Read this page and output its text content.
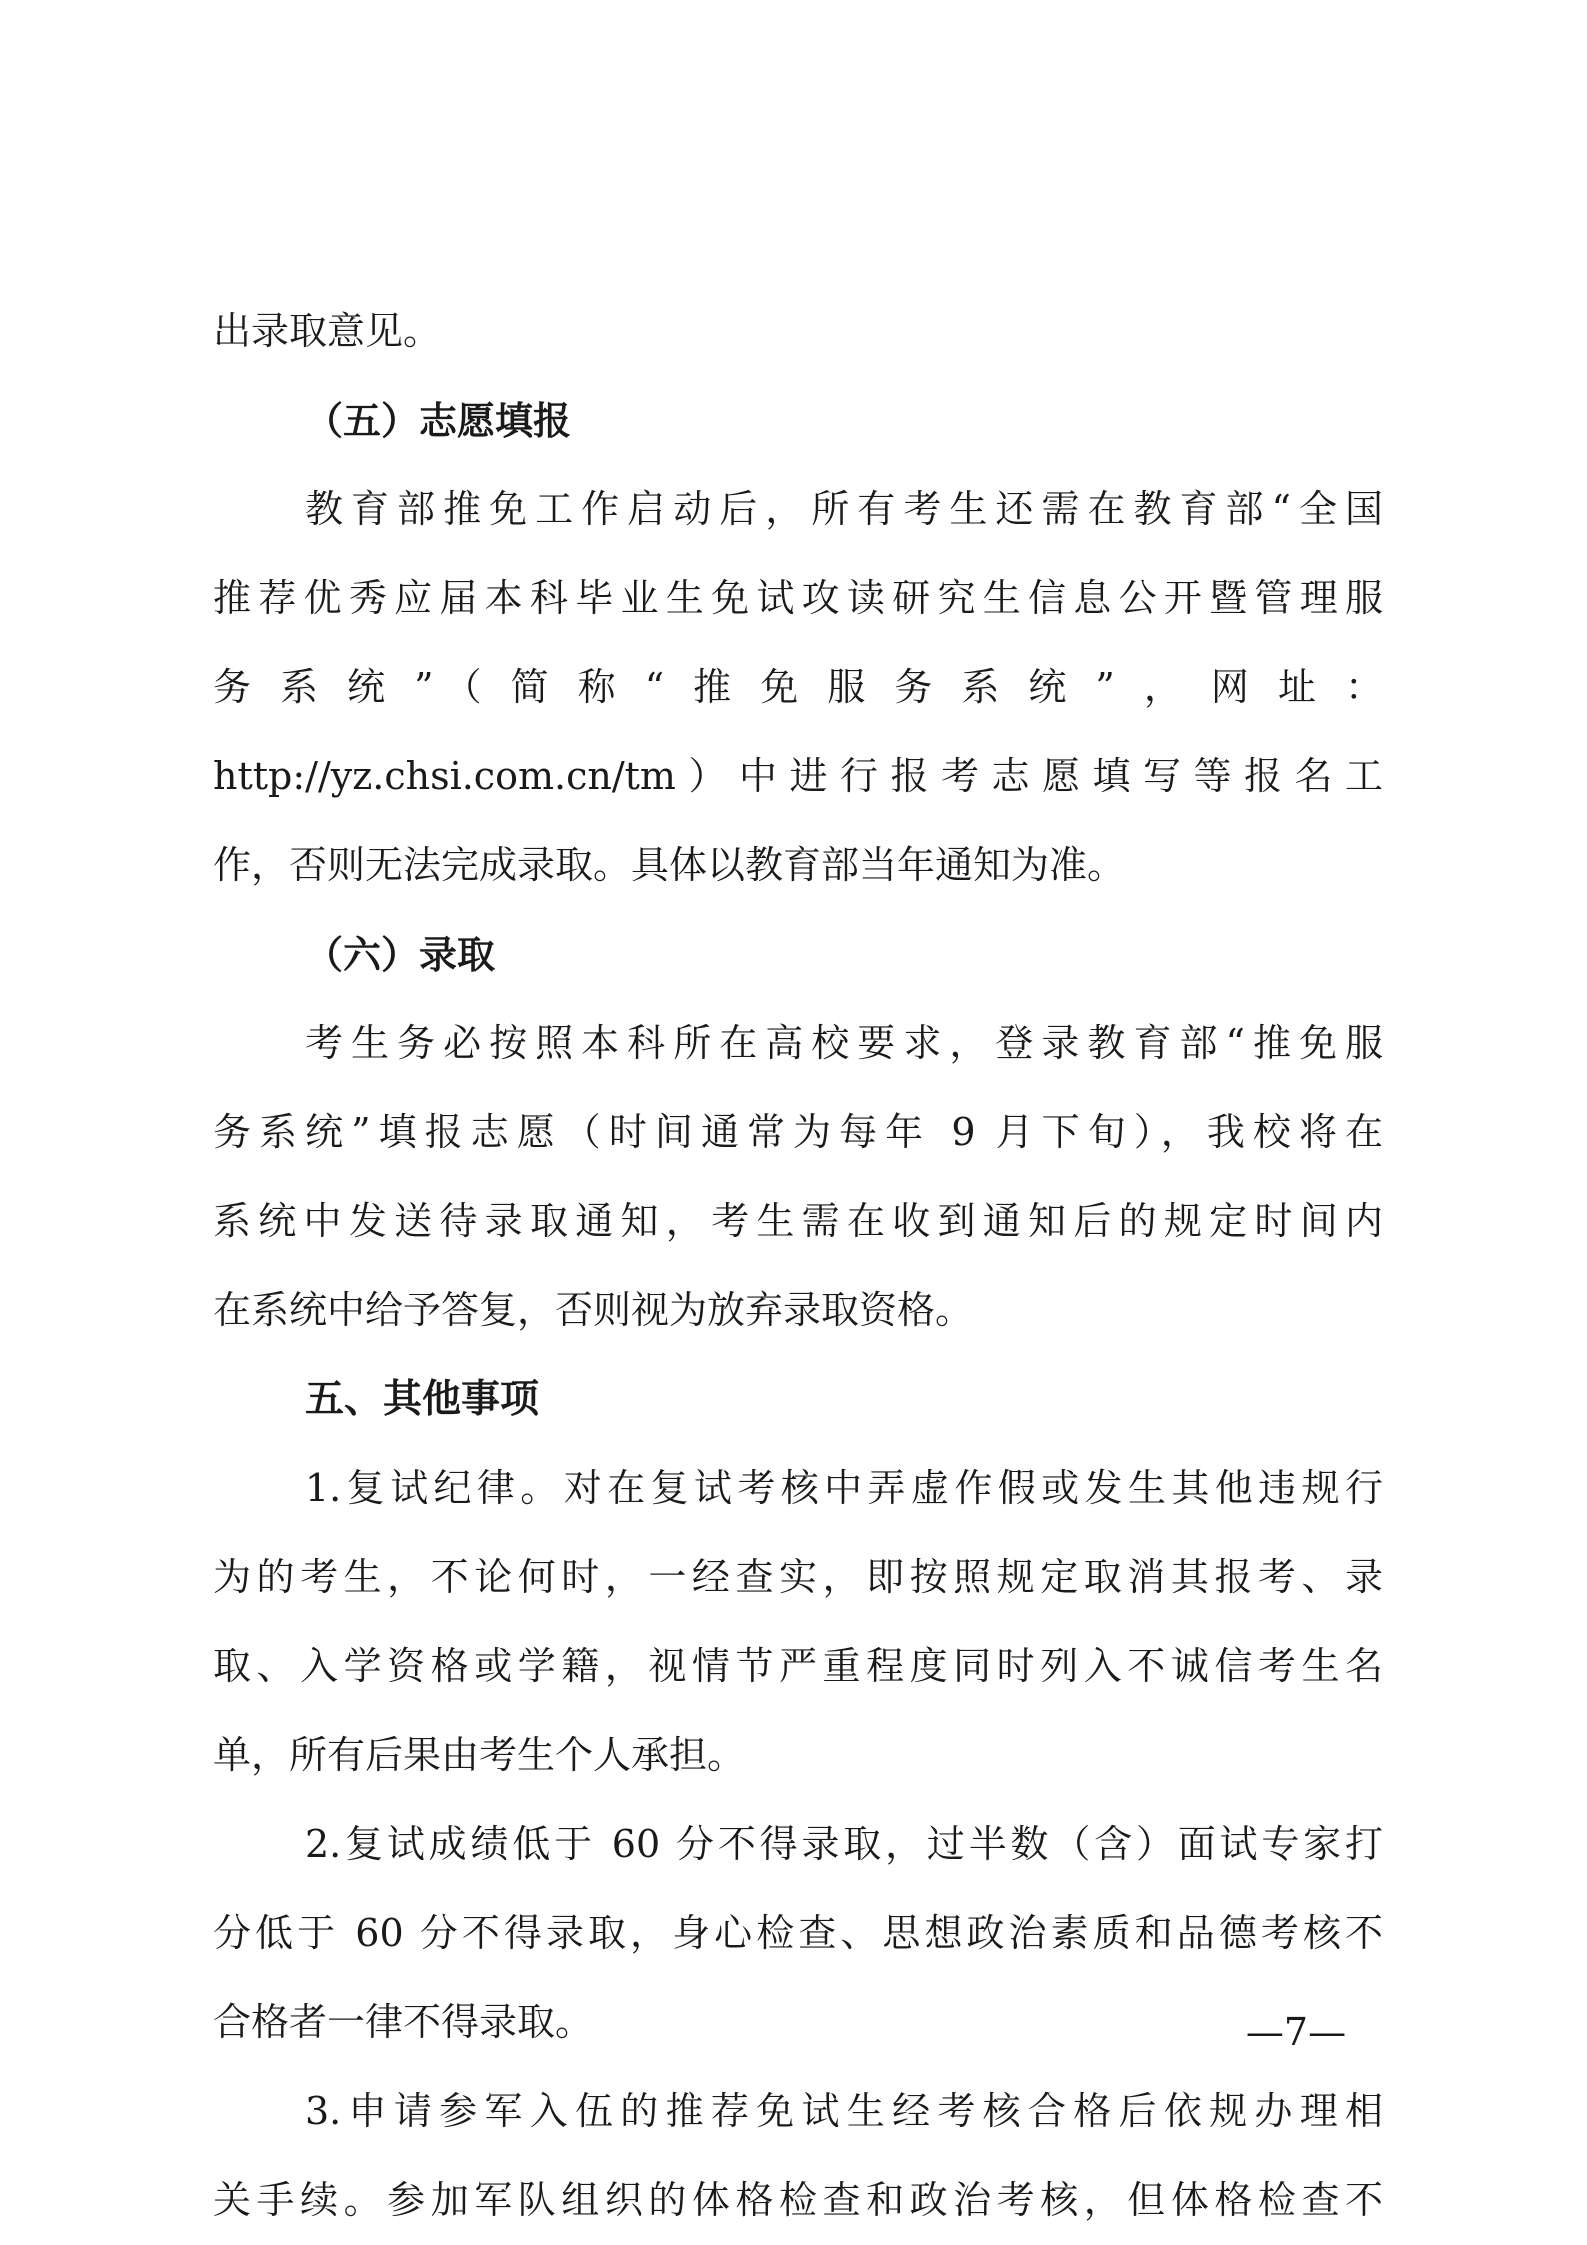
出录取意见。
（五）志愿填报
教育部推免工作启动后，所有考生还需在教育部“全国
推荐优秀应届本科毕业生免试攻读研究生信息公开暨管理服
务系统”（简称“推免服务系统”，网址：
http://yz.chsi.com.cn/tm）中进行报考志愿填写等报名工
作，否则无法完成录取。具体以教育部当年通知为准。
（六）录取
考生务必按照本科所在高校要求，登录教育部“推免服
务系统”填报志愿（时间通常为每年 9 月下旬），我校将在
系统中发送待录取通知，考生需在收到通知后的规定时间内
在系统中给予答复，否则视为放弃录取资格。
五、其他事项
1.复试纪律。对在复试考核中弄虚作假或发生其他违规行
为的考生，不论何时，一经查实，即按照规定取消其报考、录
取、入学资格或学籍，视情节严重程度同时列入不诚信考生名
单，所有后果由考生个人承担。
2.复试成绩低于 60 分不得录取，过半数（含）面试专家打
分低于 60 分不得录取，身心检查、思想政治素质和品德考核不
合格者一律不得录取。
3.申请参军入伍的推荐免试生经考核合格后依规办理相
关手续。参加军队组织的体格检查和政治考核，但体格检查不
—7—
